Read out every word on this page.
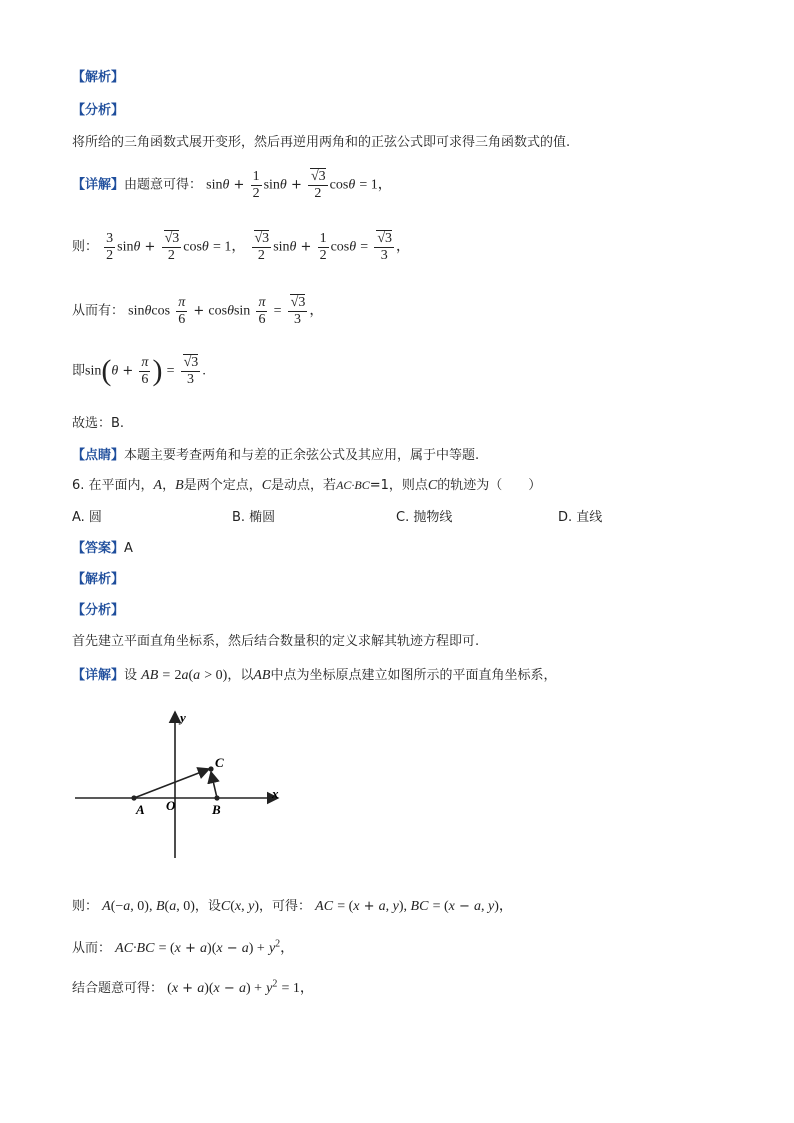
【解析】
【分析】
将所给的三角函数式展开变形，然后再逆用两角和的正弦公式即可求得三角函数式的值.
【详解】由题意可得： $\sin\theta + \frac{1}{2}$ $\sin\theta + \frac{√3}{2}$ cosθ = 1，
则： $\frac{3}{2}$ $\sin\theta + \frac{√3}{2}$ cosθ = 1， $\frac{√3}{2}$ $\sin\theta + \frac{1}{2}$ $\cos\theta = \frac{√3}{3}$ ，
从而有： sinθcos $\frac{\pi}{6} + \cos\theta\sin \frac{\pi}{6} = \frac{√3}{3}$ ，
即$\sin(\theta + \frac{\pi}{6}$ ) = $\frac{√3}{3}$ .
故选：B.
【点睛】本题主要考查两角和与差的正余弦公式及其应用，属于中等题.
6. 在平面内，A，B是两个定点，C是动点，若AC·BC=1，则点C的轨迹为（　　）
A. 圆	B. 椭圆	C. 抛物线	D. 直线
【答案】A
【解析】
【分析】
首先建立平面直角坐标系，然后结合数量积的定义求解其轨迹方程即可.
【详解】设 AB = 2a(a > 0)，以AB中点为坐标原点建立如图所示的平面直角坐标系，
y
x
C
A O	B
则： A(−a, 0), B(a, 0)，设C(x, y)，可得： AC = (x + a, y), BC = (x − a, y)，
从而： $AC\cdot BC = (x + a)(x - a) + y^2$，
结合题意可得： $(x + a)(x - a) + y^2 = 1$，
